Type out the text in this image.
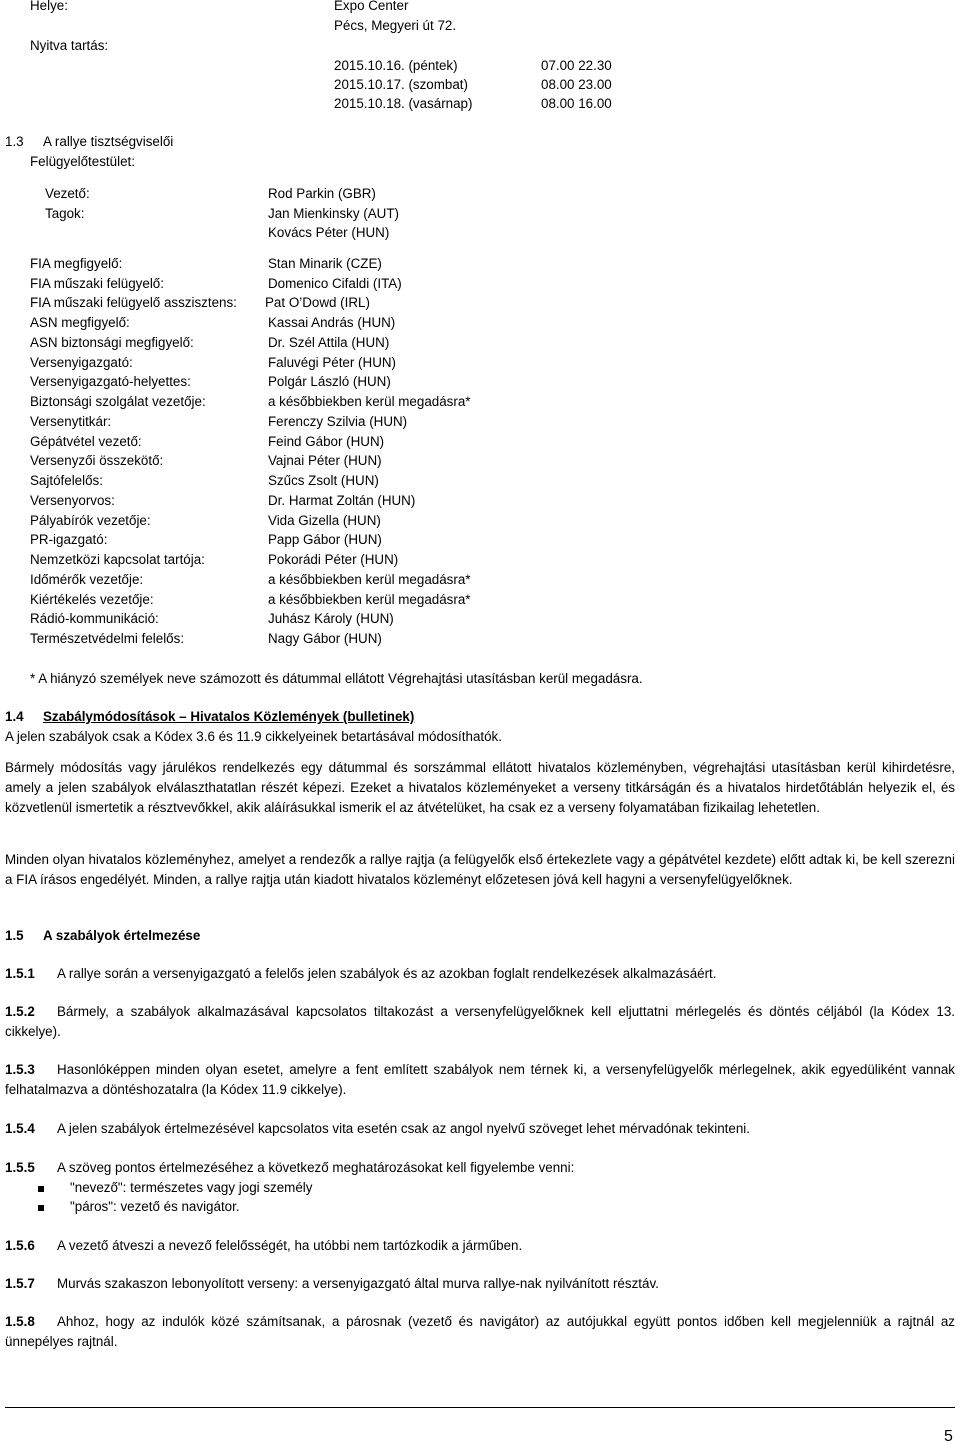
Helye:	Expo Center
Pécs, Megyeri út 72.
Nyitva tartás:
2015.10.16. (péntek)	07.00 22.30
2015.10.17. (szombat)	08.00 23.00
2015.10.18. (vasárnap)	08.00 16.00
1.3 A rallye tisztségviselői
Felügyelőtestület:
Vezető:	Rod Parkin (GBR)
Tagok:	Jan Mienkinsky (AUT)
Kovács Péter (HUN)
FIA megfigyelő:	Stan Minarik (CZE)
FIA műszaki felügyelő:	Domenico Cifaldi (ITA)
FIA műszaki felügyelő asszisztens: Pat O’Dowd (IRL)
ASN megfigyelő:	Kassai András (HUN)
ASN biztonsági megfigyelő:	Dr. Szél Attila (HUN)
Versenyigazgató:	Faluvégi Péter (HUN)
Versenyigazgató-helyettes:	Polgár László (HUN)
Biztonsági szolgálat vezetője:	a későbbiekben kerül megadásra*
Versenytitkár:	Ferenczy Szilvia (HUN)
Gépátvétel vezető:	Feind Gábor (HUN)
Versenyzői összekötő:	Vajnai Péter (HUN)
Sajtófelelős:	Szűcs Zsolt (HUN)
Versenyorvos:	Dr. Harmat Zoltán (HUN)
Pályabírók vezetője:	Vida Gizella (HUN)
PR-igazgató:	Papp Gábor (HUN)
Nemzetközi kapcsolat tartója:	Pokorádi Péter (HUN)
Időmérők vezetője:	a későbbiekben kerül megadásra*
Kiértékelés vezetője:	a későbbiekben kerül megadásra*
Rádió-kommunikáció:	Juhász Károly (HUN)
Természetvédelmi felelős:	Nagy Gábor (HUN)
* A hiányzó személyek neve számozott és dátummal ellátott Végrehajtási utasításban kerül megadásra.
1.4 Szabálymódosítások – Hivatalos Közlemények (bulletinek)
A jelen szabályok csak a Kódex 3.6 és 11.9 cikkelyeinek betartásával módosíthatók.

Bármely módosítás vagy járulékos rendelkezés egy dátummal és sorszámmal ellátott hivatalos közleményben, végrehajtási utasításban kerül kihirdetésre, amely a jelen szabályok elválaszthatatlan részét képezi. Ezeket a hivatalos közleményeket a verseny titkárságán és a hivatalos hirdetőtáblán helyezik el, és közvetlenül ismertetik a résztvevőkkel, akik aláírásukkal ismerik el az átvételüket, ha csak ez a verseny folyamatában fizikailag lehetetlen.

Minden olyan hivatalos közleményhez, amelyet a rendezők a rallye rajtja (a felügyelők első értekezlete vagy a gépátvétel kezdete) előtt adtak ki, be kell szerezni a FIA írásos engedélyét. Minden, a rallye rajtja után kiadott hivatalos közleményt előzetesen jóvá kell hagyni a versenyfelügyelőknek.

1.5 A szabályok értelmezése
1.5.1 A rallye során a versenyigazgató a felelős jelen szabályok és az azokban foglalt rendelkezések alkalmazásáért.
1.5.2	Bármely, a szabályok alkalmazásával kapcsolatos tiltakozást a versenyfelügyelőknek kell eljuttatni mérlegelés és döntés céljából (la Kódex 13. cikkelye).

1.5.3	Hasonlóképpen minden olyan esetet, amelyre a fent említett szabályok nem térnek ki, a versenyfelügyelők mérlegelnek, akik egyedüliként vannak felhatalmazva a döntéshozatalra (la Kódex 11.9 cikkelye).

1.5.4 A jelen szabályok értelmezésével kapcsolatos vita esetén csak az angol nyelvű szöveget lehet mérvadónak tekinteni.
1.5.5 A szöveg pontos értelmezéséhez a következő meghatározásokat kell figyelembe venni:
"nevező": természetes vagy jogi személy
"páros": vezető és navigátor.
1.5.6 A vezető átveszi a nevező felelősségét, ha utóbbi nem tartózkodik a járműben.
1.5.7 Murvás szakaszon lebonyolított verseny: a versenyigazgató által murva rallye-nak nyilvánított résztáv.
1.5.8	Ahhoz, hogy az indulók közé számítsanak, a párosnak (vezető és navigátor) az autójukkal együtt pontos időben kell megjelenniük a rajtnál az ünnepélyes rajtnál.

5
